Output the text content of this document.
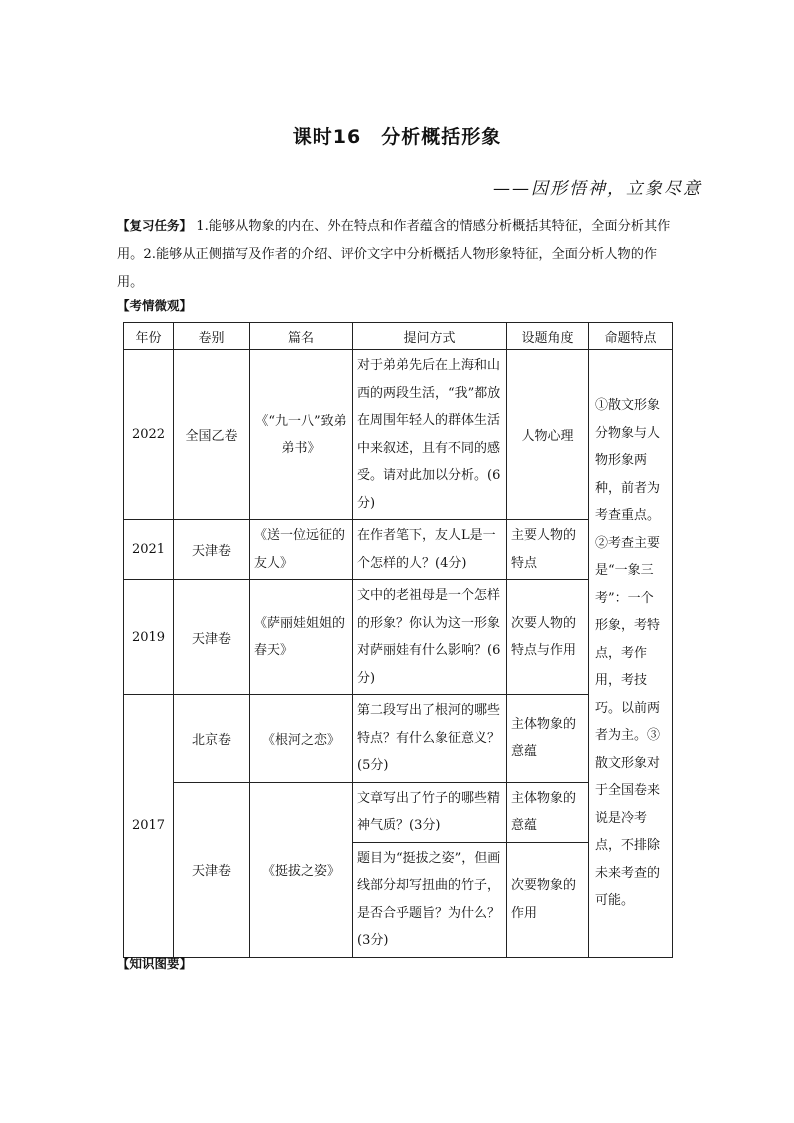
课时16　分析概括形象
——因形悟神，立象尽意
【复习任务】 1.能够从物象的内在、外在特点和作者蕴含的情感分析概括其特征，全面分析其作用。2.能够从正侧描写及作者的介绍、评价文字中分析概括人物形象特征，全面分析人物的作用。
【考情微观】
年份	卷别	篇名	提问方式	设题角度	命题特点
2022	全国乙卷	《“九一八”致弟弟书》	对于弟弟先后在上海和山西的两段生活，“我”都放在周围年轻人的群体生活中来叙述，且有不同的感受。请对此加以分析。(6分)	人物心理	①散文形象分物象与人物形象两种，前者为考查重点。②考查主要是“一象三考”：一个形象，考特点，考作用，考技巧。以前两者为主。③散文形象对于全国卷来说是冷考点，不排除未来考查的可能。
2021	天津卷	《送一位远征的友人》	在作者笔下，友人L是一个怎样的人？(4分)	主要人物的特点	
2019	天津卷	《萨丽娃姐姐的春天》	文中的老祖母是一个怎样的形象？你认为这一形象对萨丽娃有什么影响？(6分)	次要人物的特点与作用	
2017	北京卷	《根河之恋》	第二段写出了根河的哪些特点？有什么象征意义？(5分)	主体物象的意蕴	
	天津卷	《挺拔之姿》	文章写出了竹子的哪些精神气质？(3分)	主体物象的意蕴	
			题目为“挺拔之姿”，但画线部分却写扭曲的竹子，是否合乎题旨？为什么？(3分)	次要物象的作用	
【知识图要】
